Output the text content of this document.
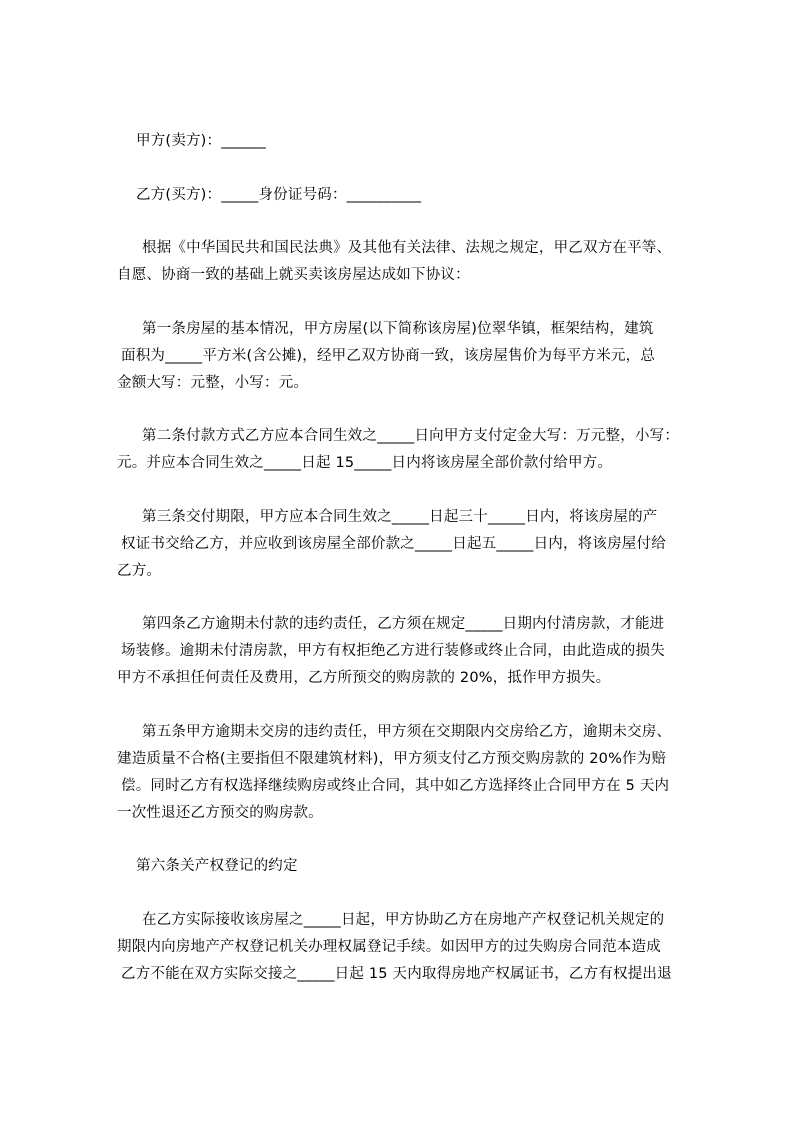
甲方(卖方)：______
乙方(买方)：_____身份证号码：__________
根据《中华国民共和国民法典》及其他有关法律、法规之规定，甲乙双方在平等、
自愿、协商一致的基础上就买卖该房屋达成如下协议：
第一条房屋的基本情况，甲方房屋(以下简称该房屋)位翠华镇，框架结构，建筑
面积为_____平方米(含公摊)，经甲乙双方协商一致，该房屋售价为每平方米元，总
金额大写：元整，小写：元。
第二条付款方式乙方应本合同生效之_____日向甲方支付定金大写：万元整，小写：
元。并应本合同生效之_____日起 15_____日内将该房屋全部价款付给甲方。
第三条交付期限，甲方应本合同生效之_____日起三十_____日内，将该房屋的产
权证书交给乙方，并应收到该房屋全部价款之_____日起五_____日内，将该房屋付给
乙方。
第四条乙方逾期未付款的违约责任，乙方须在规定_____日期内付清房款，才能进
场装修。逾期未付清房款，甲方有权拒绝乙方进行装修或终止合同，由此造成的损失
甲方不承担任何责任及费用，乙方所预交的购房款的 20%，抵作甲方损失。
第五条甲方逾期未交房的违约责任，甲方须在交期限内交房给乙方，逾期未交房、
建造质量不合格(主要指但不限建筑材料)，甲方须支付乙方预交购房款的 20%作为赔
偿。同时乙方有权选择继续购房或终止合同，其中如乙方选择终止合同甲方在 5 天内
一次性退还乙方预交的购房款。
第六条关产权登记的约定
在乙方实际接收该房屋之_____日起，甲方协助乙方在房地产产权登记机关规定的
期限内向房地产产权登记机关办理权属登记手续。如因甲方的过失购房合同范本造成
乙方不能在双方实际交接之_____日起 15 天内取得房地产权属证书，乙方有权提出退
